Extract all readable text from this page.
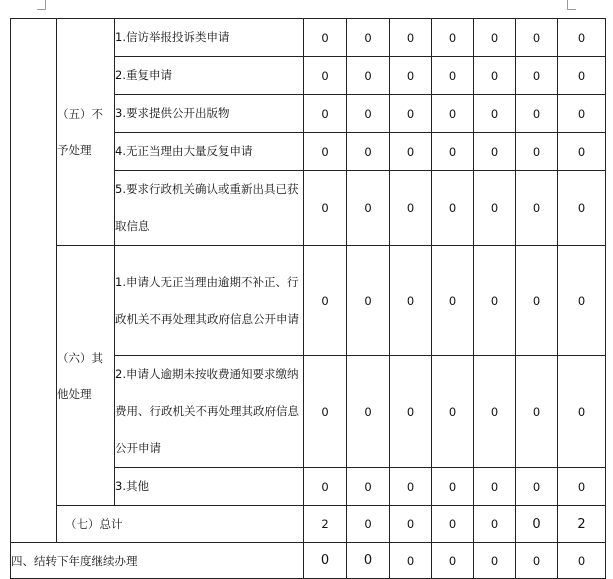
	（五）不予处理	1.信访举报投诉类申请	0	0	0	0	0	0	0
		2.重复申请	0	0	0	0	0	0	0
		3.要求提供公开出版物	0	0	0	0	0	0	0
		4.无正当理由大量反复申请	0	0	0	0	0	0	0
		5.要求行政机关确认或重新出具已获取信息	0	0	0	0	0	0	0
	（六）其他处理	1.申请人无正当理由逾期不补正、行政机关不再处理其政府信息公开申请	0	0	0	0	0	0	0
		2.申请人逾期未按收费通知要求缴纳费用、行政机关不再处理其政府信息公开申请	0	0	0	0	0	0	0
		3.其他	0	0	0	0	0	0	0
	（七）总计		2	0	0	0	0	0	2
四、结转下年度继续办理			0	0	0	0	0	0	0
